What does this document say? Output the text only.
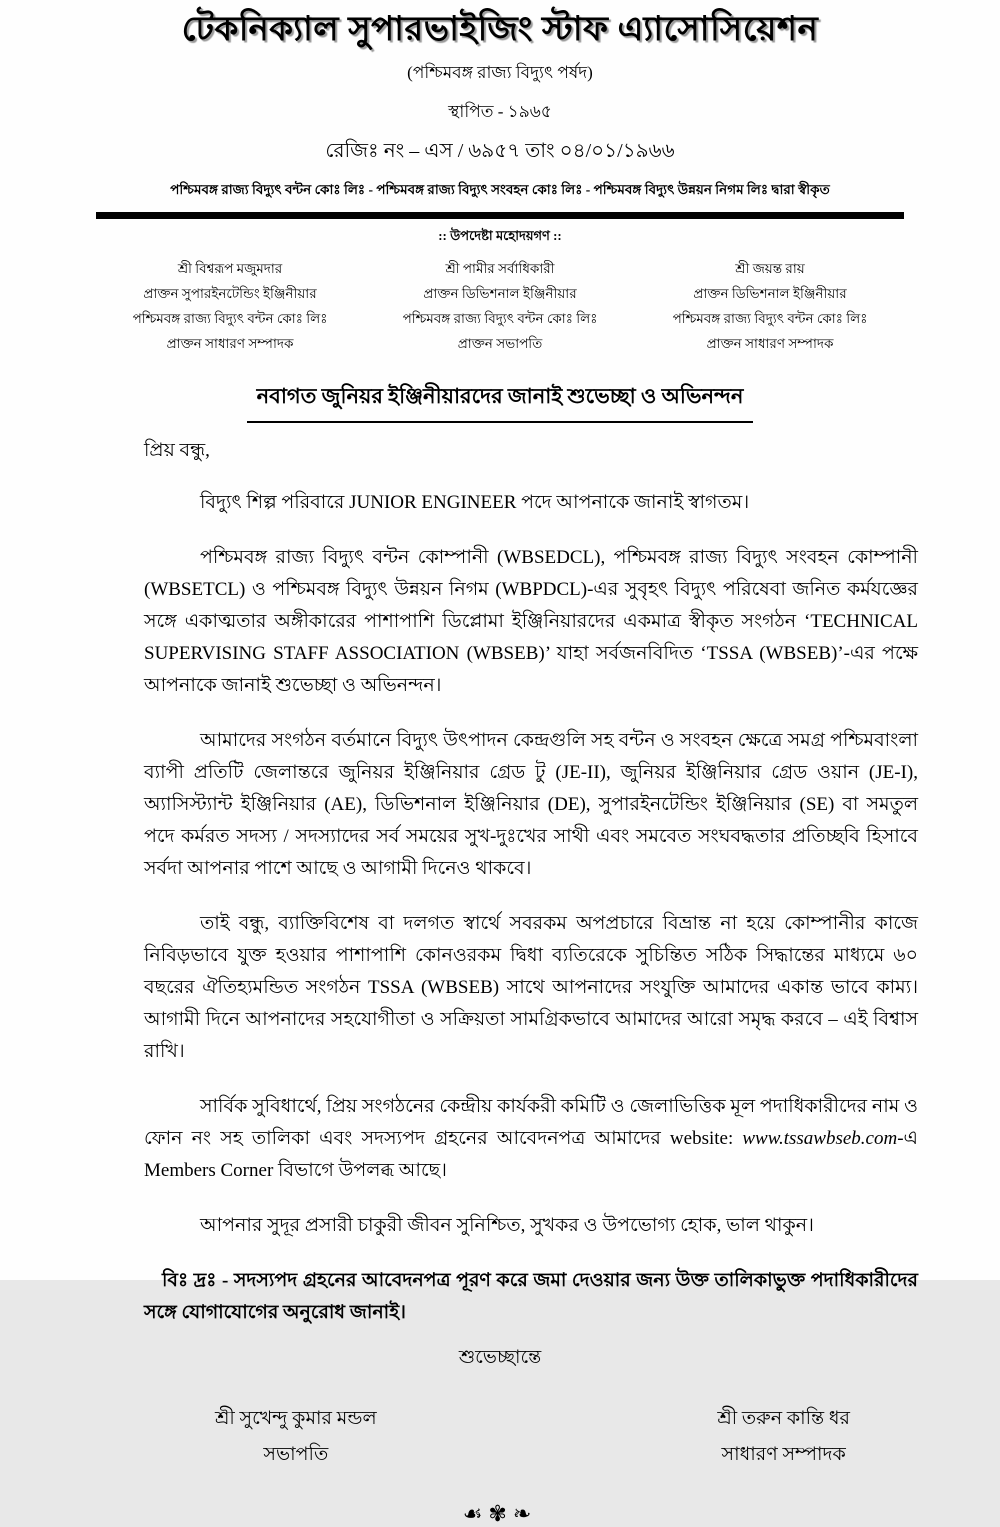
টেকনিক্যাল সুপারভাইজিং স্টাফ এ্যাসোসিয়েশন
(পশ্চিমবঙ্গ রাজ্য বিদ্যুৎ পর্ষদ)
স্থাপিত - ১৯৬৫
রেজিঃ নং – এস / ৬৯৫৭ তাং ০৪/০১/১৯৬৬
পশ্চিমবঙ্গ রাজ্য বিদ্যুৎ বন্টন কোঃ লিঃ - পশ্চিমবঙ্গ রাজ্য বিদ্যুৎ সংবহন কোঃ লিঃ - পশ্চিমবঙ্গ বিদ্যুৎ উন্নয়ন নিগম লিঃ দ্বারা স্বীকৃত
:: উপদেষ্টা মহোদয়গণ ::
শ্রী বিশ্বরূপ মজুমদার
প্রাক্তন সুপারইনটেন্ডিং ইঞ্জিনীয়ার
পশ্চিমবঙ্গ রাজ্য বিদ্যুৎ বন্টন কোঃ লিঃ
প্রাক্তন সাধারণ সম্পাদক
শ্রী পামীর সর্বাধিকারী
প্রাক্তন ডিভিশনাল ইঞ্জিনীয়ার
পশ্চিমবঙ্গ রাজ্য বিদ্যুৎ বন্টন কোঃ লিঃ
প্রাক্তন সভাপতি
শ্রী জয়ন্ত রায়
প্রাক্তন ডিভিশনাল ইঞ্জিনীয়ার
পশ্চিমবঙ্গ রাজ্য বিদ্যুৎ বন্টন কোঃ লিঃ
প্রাক্তন সাধারণ সম্পাদক
নবাগত জুনিয়র ইঞ্জিনীয়ারদের জানাই শুভেচ্ছা ও অভিনন্দন
প্রিয় বন্ধু,

বিদ্যুৎ শিল্প পরিবারে JUNIOR ENGINEER পদে আপনাকে জানাই স্বাগতম।

পশ্চিমবঙ্গ রাজ্য বিদ্যুৎ বন্টন কোম্পানী (WBSEDCL), পশ্চিমবঙ্গ রাজ্য বিদ্যুৎ সংবহন কোম্পানী (WBSETCL) ও পশ্চিমবঙ্গ বিদ্যুৎ উন্নয়ন নিগম (WBPDCL)-এর সুবৃহৎ বিদ্যুৎ পরিষেবা জনিত কর্মযজ্ঞের সঙ্গে একাত্মতার অঙ্গীকারের পাশাপাশি ডিপ্লোমা ইঞ্জিনিয়ারদের একমাত্র স্বীকৃত সংগঠন ‘TECHNICAL SUPERVISING STAFF ASSOCIATION (WBSEB)’ যাহা সর্বজনবিদিত ‘TSSA (WBSEB)’-এর পক্ষে আপনাকে জানাই শুভেচ্ছা ও অভিনন্দন।

আমাদের সংগঠন বর্তমানে বিদ্যুৎ উৎপাদন কেন্দ্রগুলি সহ বন্টন ও সংবহন ক্ষেত্রে সমগ্র পশ্চিমবাংলা ব্যাপী প্রতিটি জেলান্তরে জুনিয়র ইঞ্জিনিয়ার গ্রেড টু (JE-II), জুনিয়র ইঞ্জিনিয়ার গ্রেড ওয়ান (JE-I), অ্যাসিস্ট্যান্ট ইঞ্জিনিয়ার (AE), ডিভিশনাল ইঞ্জিনিয়ার (DE), সুপারইনটেন্ডিং ইঞ্জিনিয়ার (SE) বা সমতুল পদে কর্মরত সদস্য / সদস্যাদের সর্ব সময়ের সুখ-দুঃখের সাথী এবং সমবেত সংঘবদ্ধতার প্রতিচ্ছবি হিসাবে সর্বদা আপনার পাশে আছে ও আগামী দিনেও থাকবে।

তাই বন্ধু, ব্যাক্তিবিশেষ বা দলগত স্বার্থে সবরকম অপপ্রচারে বিভ্রান্ত না হয়ে কোম্পানীর কাজে নিবিড়ভাবে যুক্ত হওয়ার পাশাপাশি কোনওরকম দ্বিধা ব্যতিরেকে সুচিন্তিত সঠিক সিদ্ধান্তের মাধ্যমে ৬০ বছরের ঐতিহ্যমন্ডিত সংগঠন TSSA (WBSEB) সাথে আপনাদের সংযুক্তি আমাদের একান্ত ভাবে কাম্য। আগামী দিনে আপনাদের সহযোগীতা ও সক্রিয়তা সামগ্রিকভাবে আমাদের আরো সমৃদ্ধ করবে – এই বিশ্বাস রাখি।

সার্বিক সুবিধার্থে, প্রিয় সংগঠনের কেন্দ্রীয় কার্যকরী কমিটি ও জেলাভিত্তিক মূল পদাধিকারীদের নাম ও ফোন নং সহ তালিকা এবং সদস্যপদ গ্রহনের আবেদনপত্র আমাদের website: www.tssawbseb.com-এ Members Corner বিভাগে উপলব্ধ আছে।

আপনার সুদূর প্রসারী চাকুরী জীবন সুনিশ্চিত, সুখকর ও উপভোগ্য হোক, ভাল থাকুন।

বিঃ দ্রঃ - সদস্যপদ গ্রহনের আবেদনপত্র পূরণ করে জমা দেওয়ার জন্য উক্ত তালিকাভুক্ত পদাধিকারীদের সঙ্গে যোগাযোগের অনুরোধ জানাই।

শুভেচ্ছান্তে
শ্রী সুখেন্দু কুমার মন্ডল
সভাপতি
শ্রী তরুন কান্তি ধর
সাধারণ সম্পাদক
☙✾❧
